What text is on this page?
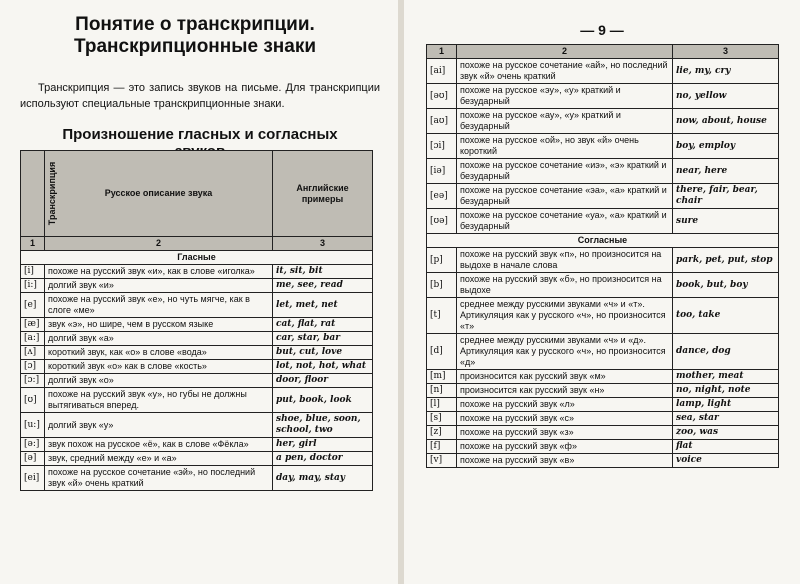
Понятие о транскрипции.
Транскрипционные знаки
Транскрипция — это запись звуков на письме. Для транскрипции используют специальные транскрипционные знаки.
Произношение гласных и согласных
Транскрипция	Русское описание звука	Английские примеры
1	2	3
Гласные		
[i]	похоже на русский звук «и», как в слове «иголка»	it, sit, bit
[i:]	долгий звук «и»	me, see, read
[e]	похоже на русский звук «е», но чуть мягче, как в слоге «ме»	let, met, net
[æ]	звук «э», но шире, чем в русском языке	cat, flat, rat
[a:]	долгий звук «а»	car, star, bar
[ʌ]	короткий звук, как «о» в слове «вода»	but, cut, love
[ɔ]	короткий звук «о» как в слове «кость»	lot, not, hot, what
[ɔ:]	долгий звук «о»	door, floor
[ʊ]	похоже на русский звук «у», но губы не должны вытягиваться вперед.	put, book, look
[u:]	долгий звук «у»	shoe, blue, soon, school, two
[ə:]	звук похож на русское «ё», как в слове «Фёкла»	her, girl
[ə]	звук, средний между «е» и «а»	a pen, doctor
[ei]	похоже на русское сочетание «эй», но последний звук «й» очень краткий	day, may, stay
— 9 —
1	2	3
[ai]	похоже на русское сочетание «ай», но последний звук «й» очень краткий	lie, my, cry
[əʊ]	похоже на русское «эу», «у» краткий и безударный	no, yellow
[aʊ]	похоже на русское «ау», «у» краткий и безударный	now, about, house
[ɔi]	похоже на русское «ой», но звук «й» очень короткий	boy, employ
[iə]	похоже на русское сочетание «иэ», «э» краткий и безударный	near, here
[eə]	похоже на русское сочетание «эа», «а» краткий и безударный	there, fair, bear, chair
[ʊə]	похоже на русское сочетание «уа», «а» краткий и безударный	sure
Согласные		
[p]	похоже на русский звук «п», но произносится на выдохе в начале слова	park, pet, put, stop
[b]	похоже на русский звук «б», но произносится на выдохе	book, but, boy
[t]	среднее между русскими звуками «ч» и «т». Артикуляция как у русского «ч», но произносится «т»	too, take
[d]	среднее между русскими звуками «ч» и «д». Артикуляция как у русского «ч», но произносится «д»	dance, dog
[m]	произносится как русский звук «м»	mother, meat
[n]	произносится как русский звук «н»	no, night, note
[l]	похоже на русский звук «л»	lamp, light
[s]	похоже на русский звук «с»	sea, star
[z]	похоже на русский звук «з»	zoo, was
[f]	похоже на русский звук «ф»	flat
[v]	похоже на русский звук «в»	voice
